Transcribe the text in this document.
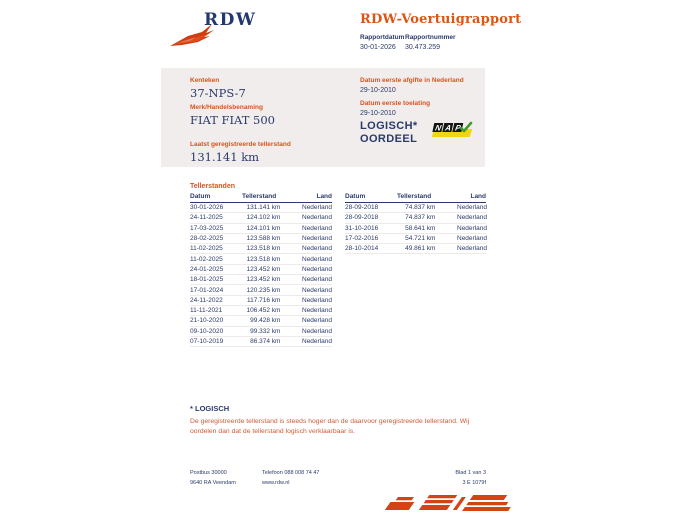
RDW	RDW-Voertuigrapport
Rapportdatum
30-01-2026
Rapportnummer
30.473.259
Kenteken
37-NPS-7
Merk/Handelsbenaming
FIAT FIAT 500
Laatst geregistreerde tellerstand
131.141 km
Datum eerste afgifte in Nederland
29-10-2010
Datum eerste toelating
29-10-2010
LOGISCH*
OORDEEL
N A P
Tellerstanden
Datum	Tellerstand	Land
30-01-2026	131.141 km	Nederland
24-11-2025	124.102 km	Nederland
17-03-2025	124.101 km	Nederland
28-02-2025	123.588 km	Nederland
11-02-2025	123.518 km	Nederland
11-02-2025	123.518 km	Nederland
24-01-2025	123.452 km	Nederland
18-01-2025	123.452 km	Nederland
17-01-2024	120.235 km	Nederland
24-11-2022	117.716 km	Nederland
11-11-2021	106.452 km	Nederland
21-10-2020	99.428 km	Nederland
09-10-2020	99.332 km	Nederland
07-10-2019	86.374 km	Nederland
Datum	Tellerstand	Land
28-09-2018	74.837 km	Nederland
28-09-2018	74.837 km	Nederland
31-10-2016	58.641 km	Nederland
17-02-2016	54.721 km	Nederland
28-10-2014	49.861 km	Nederland
* LOGISCH
De geregistreerde tellerstand is steeds hoger dan de daarvoor geregistreerde tellerstand. Wij oordelen dan dat de tellerstand logisch verklaarbaar is.
Postbus 30000
9640 RA Veendam
Telefoon 088 008 74 47
www.rdw.nl
Blad 1 van 3
3 E 1079f
